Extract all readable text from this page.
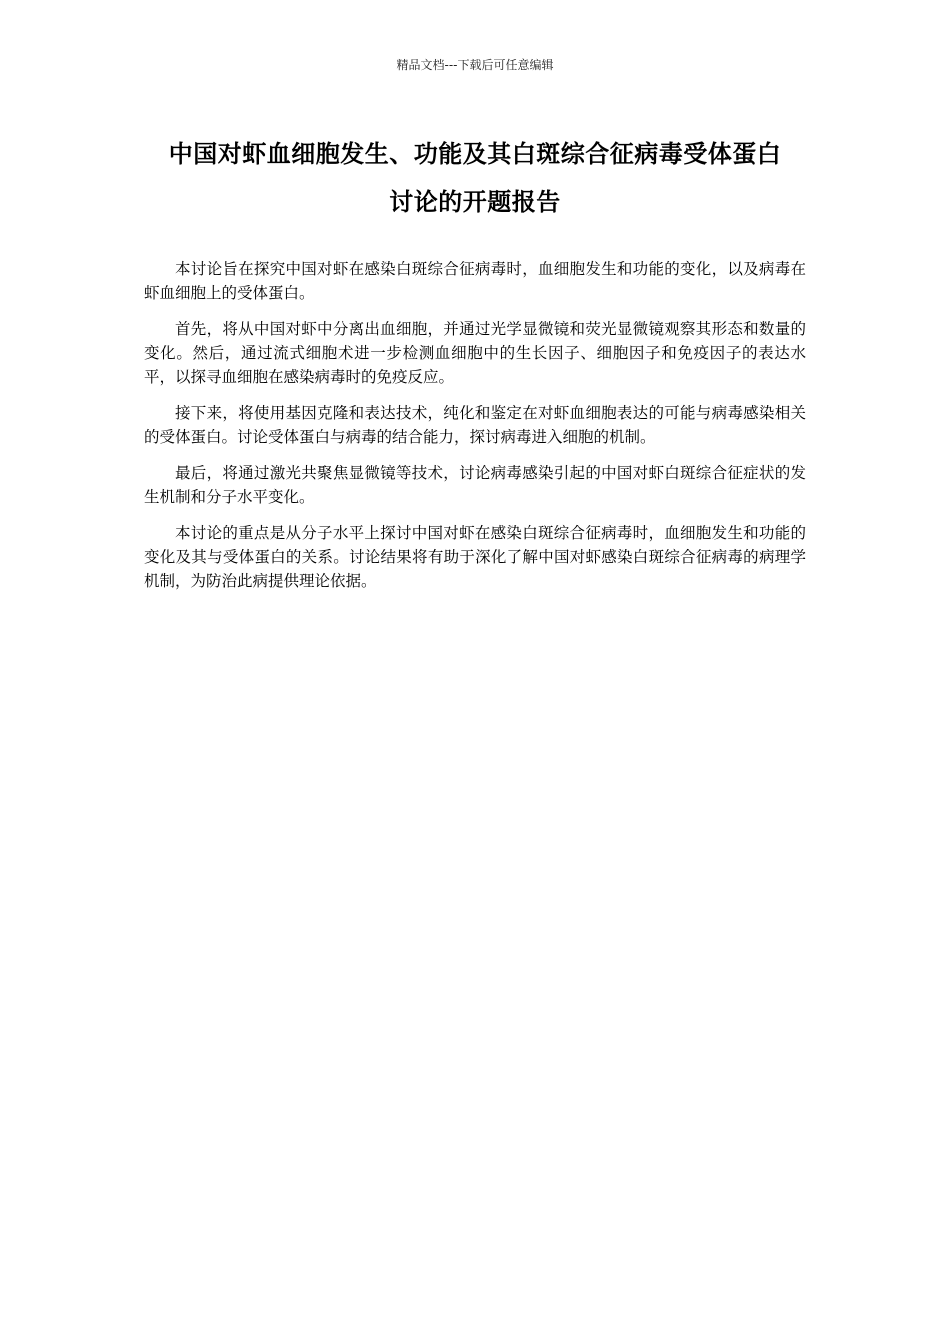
精品文档---下载后可任意编辑
中国对虾血细胞发生、功能及其白斑综合征病毒受体蛋白
讨论的开题报告

本讨论旨在探究中国对虾在感染白斑综合征病毒时，血细胞发生和功能的变化，以及病毒在虾血细胞上的受体蛋白。

首先，将从中国对虾中分离出血细胞，并通过光学显微镜和荧光显微镜观察其形态和数量的变化。然后，通过流式细胞术进一步检测血细胞中的生长因子、细胞因子和免疫因子的表达水平，以探寻血细胞在感染病毒时的免疫反应。

接下来，将使用基因克隆和表达技术，纯化和鉴定在对虾血细胞表达的可能与病毒感染相关的受体蛋白。讨论受体蛋白与病毒的结合能力，探讨病毒进入细胞的机制。

最后，将通过激光共聚焦显微镜等技术，讨论病毒感染引起的中国对虾白斑综合征症状的发生机制和分子水平变化。

本讨论的重点是从分子水平上探讨中国对虾在感染白斑综合征病毒时，血细胞发生和功能的变化及其与受体蛋白的关系。讨论结果将有助于深化了解中国对虾感染白斑综合征病毒的病理学机制，为防治此病提供理论依据。
